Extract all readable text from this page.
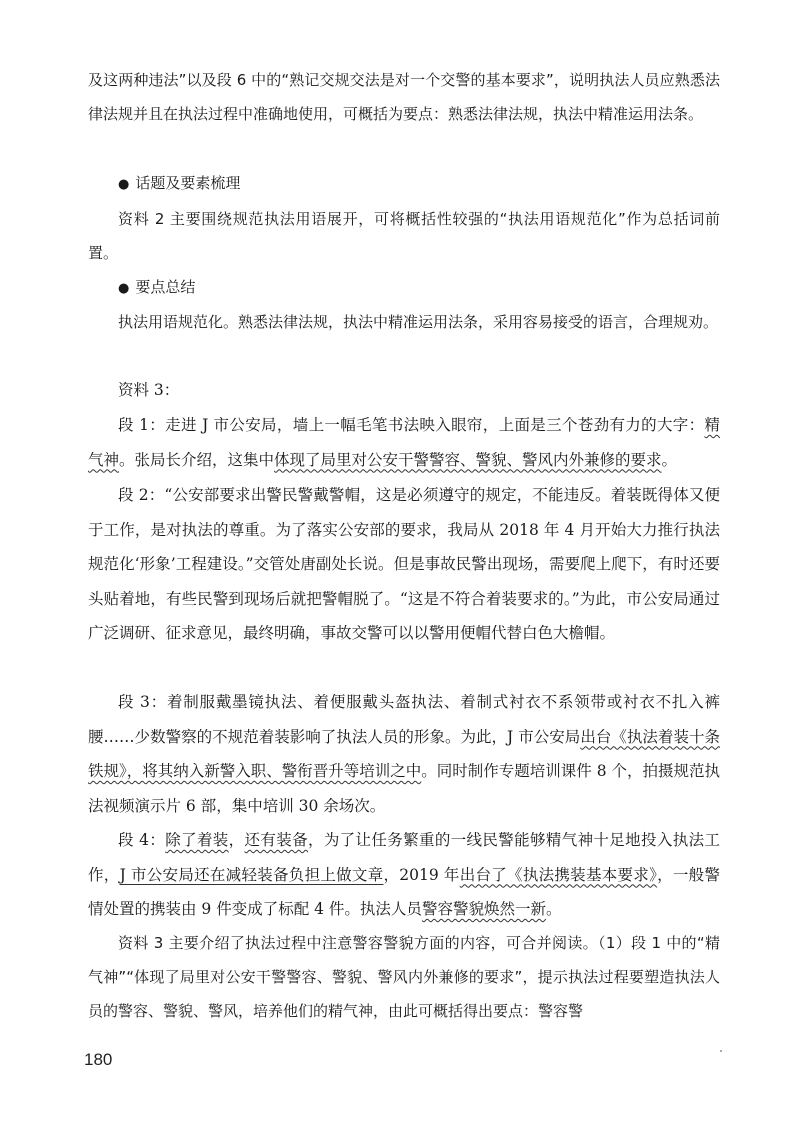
及这两种违法”以及段 6 中的“熟记交规交法是对一个交警的基本要求”，说明执法人员应熟悉法律法规并且在执法过程中准确地使用，可概括为要点：熟悉法律法规，执法中精准运用法条。
● 话题及要素梳理
资料 2 主要围绕规范执法用语展开，可将概括性较强的“执法用语规范化”作为总括词前置。
● 要点总结
执法用语规范化。熟悉法律法规，执法中精准运用法条，采用容易接受的语言，合理规劝。
资料 3：
段 1：走进 J 市公安局，墙上一幅毛笔书法映入眼帘，上面是三个苍劲有力的大字：精气神。张局长介绍，这集中体现了局里对公安干警警容、警貌、警风内外兼修的要求。
段 2：“公安部要求出警民警戴警帽，这是必须遵守的规定，不能违反。着装既得体又便于工作，是对执法的尊重。为了落实公安部的要求，我局从 2018 年 4 月开始大力推行执法规范化‘形象’工程建设。”交管处唐副处长说。但是事故民警出现场，需要爬上爬下，有时还要头贴着地，有些民警到现场后就把警帽脱了。“这是不符合着装要求的。”为此，市公安局通过广泛调研、征求意见，最终明确，事故交警可以以警用便帽代替白色大檐帽。
段 3：着制服戴墨镜执法、着便服戴头盔执法、着制式衬衣不系领带或衬衣不扎入裤腰……少数警察的不规范着装影响了执法人员的形象。为此，J 市公安局出台《执法着装十条铁规》，将其纳入新警入职、警衔晋升等培训之中。同时制作专题培训课件 8 个，拍摄规范执法视频演示片 6 部，集中培训 30 余场次。
段 4：除了着装，还有装备，为了让任务繁重的一线民警能够精气神十足地投入执法工作，J 市公安局还在减轻装备负担上做文章，2019 年出台了《执法携装基本要求》，一般警情处置的携装由 9 件变成了标配 4 件。执法人员警容警貌焕然一新。
资料 3 主要介绍了执法过程中注意警容警貌方面的内容，可合并阅读。（1）段 1 中的“精气神”“体现了局里对公安干警警容、警貌、警风内外兼修的要求”，提示执法过程要塑造执法人员的警容、警貌、警风，培养他们的精气神，由此可概括得出要点：警容警
180
